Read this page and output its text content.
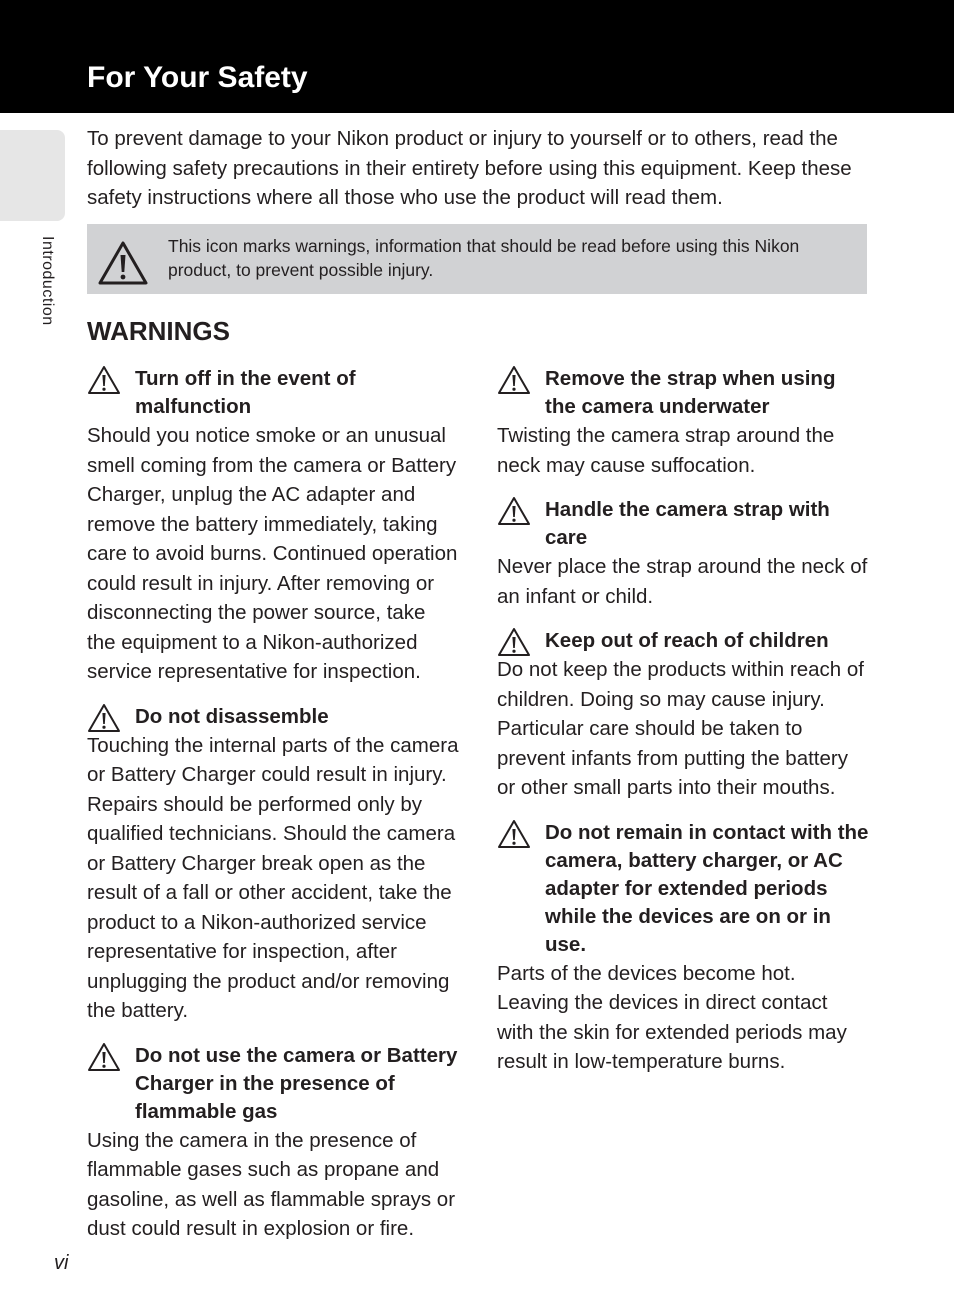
For Your Safety
Introduction

To prevent damage to your Nikon product or injury to yourself or to others, read the following safety precautions in their entirety before using this equipment. Keep these safety instructions where all those who use the product will read them.

This icon marks warnings, information that should be read before using this Nikon product, to prevent possible injury.
WARNINGS
Turn off in the event of malfunction
Should you notice smoke or an unusual smell coming from the camera or Battery Charger, unplug the AC adapter and remove the battery immediately, taking care to avoid burns. Continued operation could result in injury. After removing or disconnecting the power source, take the equipment to a Nikon-authorized service representative for inspection.
Do not disassemble
Touching the internal parts of the camera or Battery Charger could result in injury. Repairs should be performed only by qualified technicians. Should the camera or Battery Charger break open as the result of a fall or other accident, take the product to a Nikon-authorized service representative for inspection, after unplugging the product and/or removing the battery.
Do not use the camera or Battery Charger in the presence of flammable gas
Using the camera in the presence of flammable gases such as propane and gasoline, as well as flammable sprays or dust could result in explosion or fire.
Remove the strap when using the camera underwater
Twisting the camera strap around the neck may cause suffocation.
Handle the camera strap with care
Never place the strap around the neck of an infant or child.
Keep out of reach of children
Do not keep the products within reach of children. Doing so may cause injury. Particular care should be taken to prevent infants from putting the battery or other small parts into their mouths.
Do not remain in contact with the camera, battery charger, or AC adapter for extended periods while the devices are on or in use.
Parts of the devices become hot. Leaving the devices in direct contact with the skin for extended periods may result in low-temperature burns.
vi
